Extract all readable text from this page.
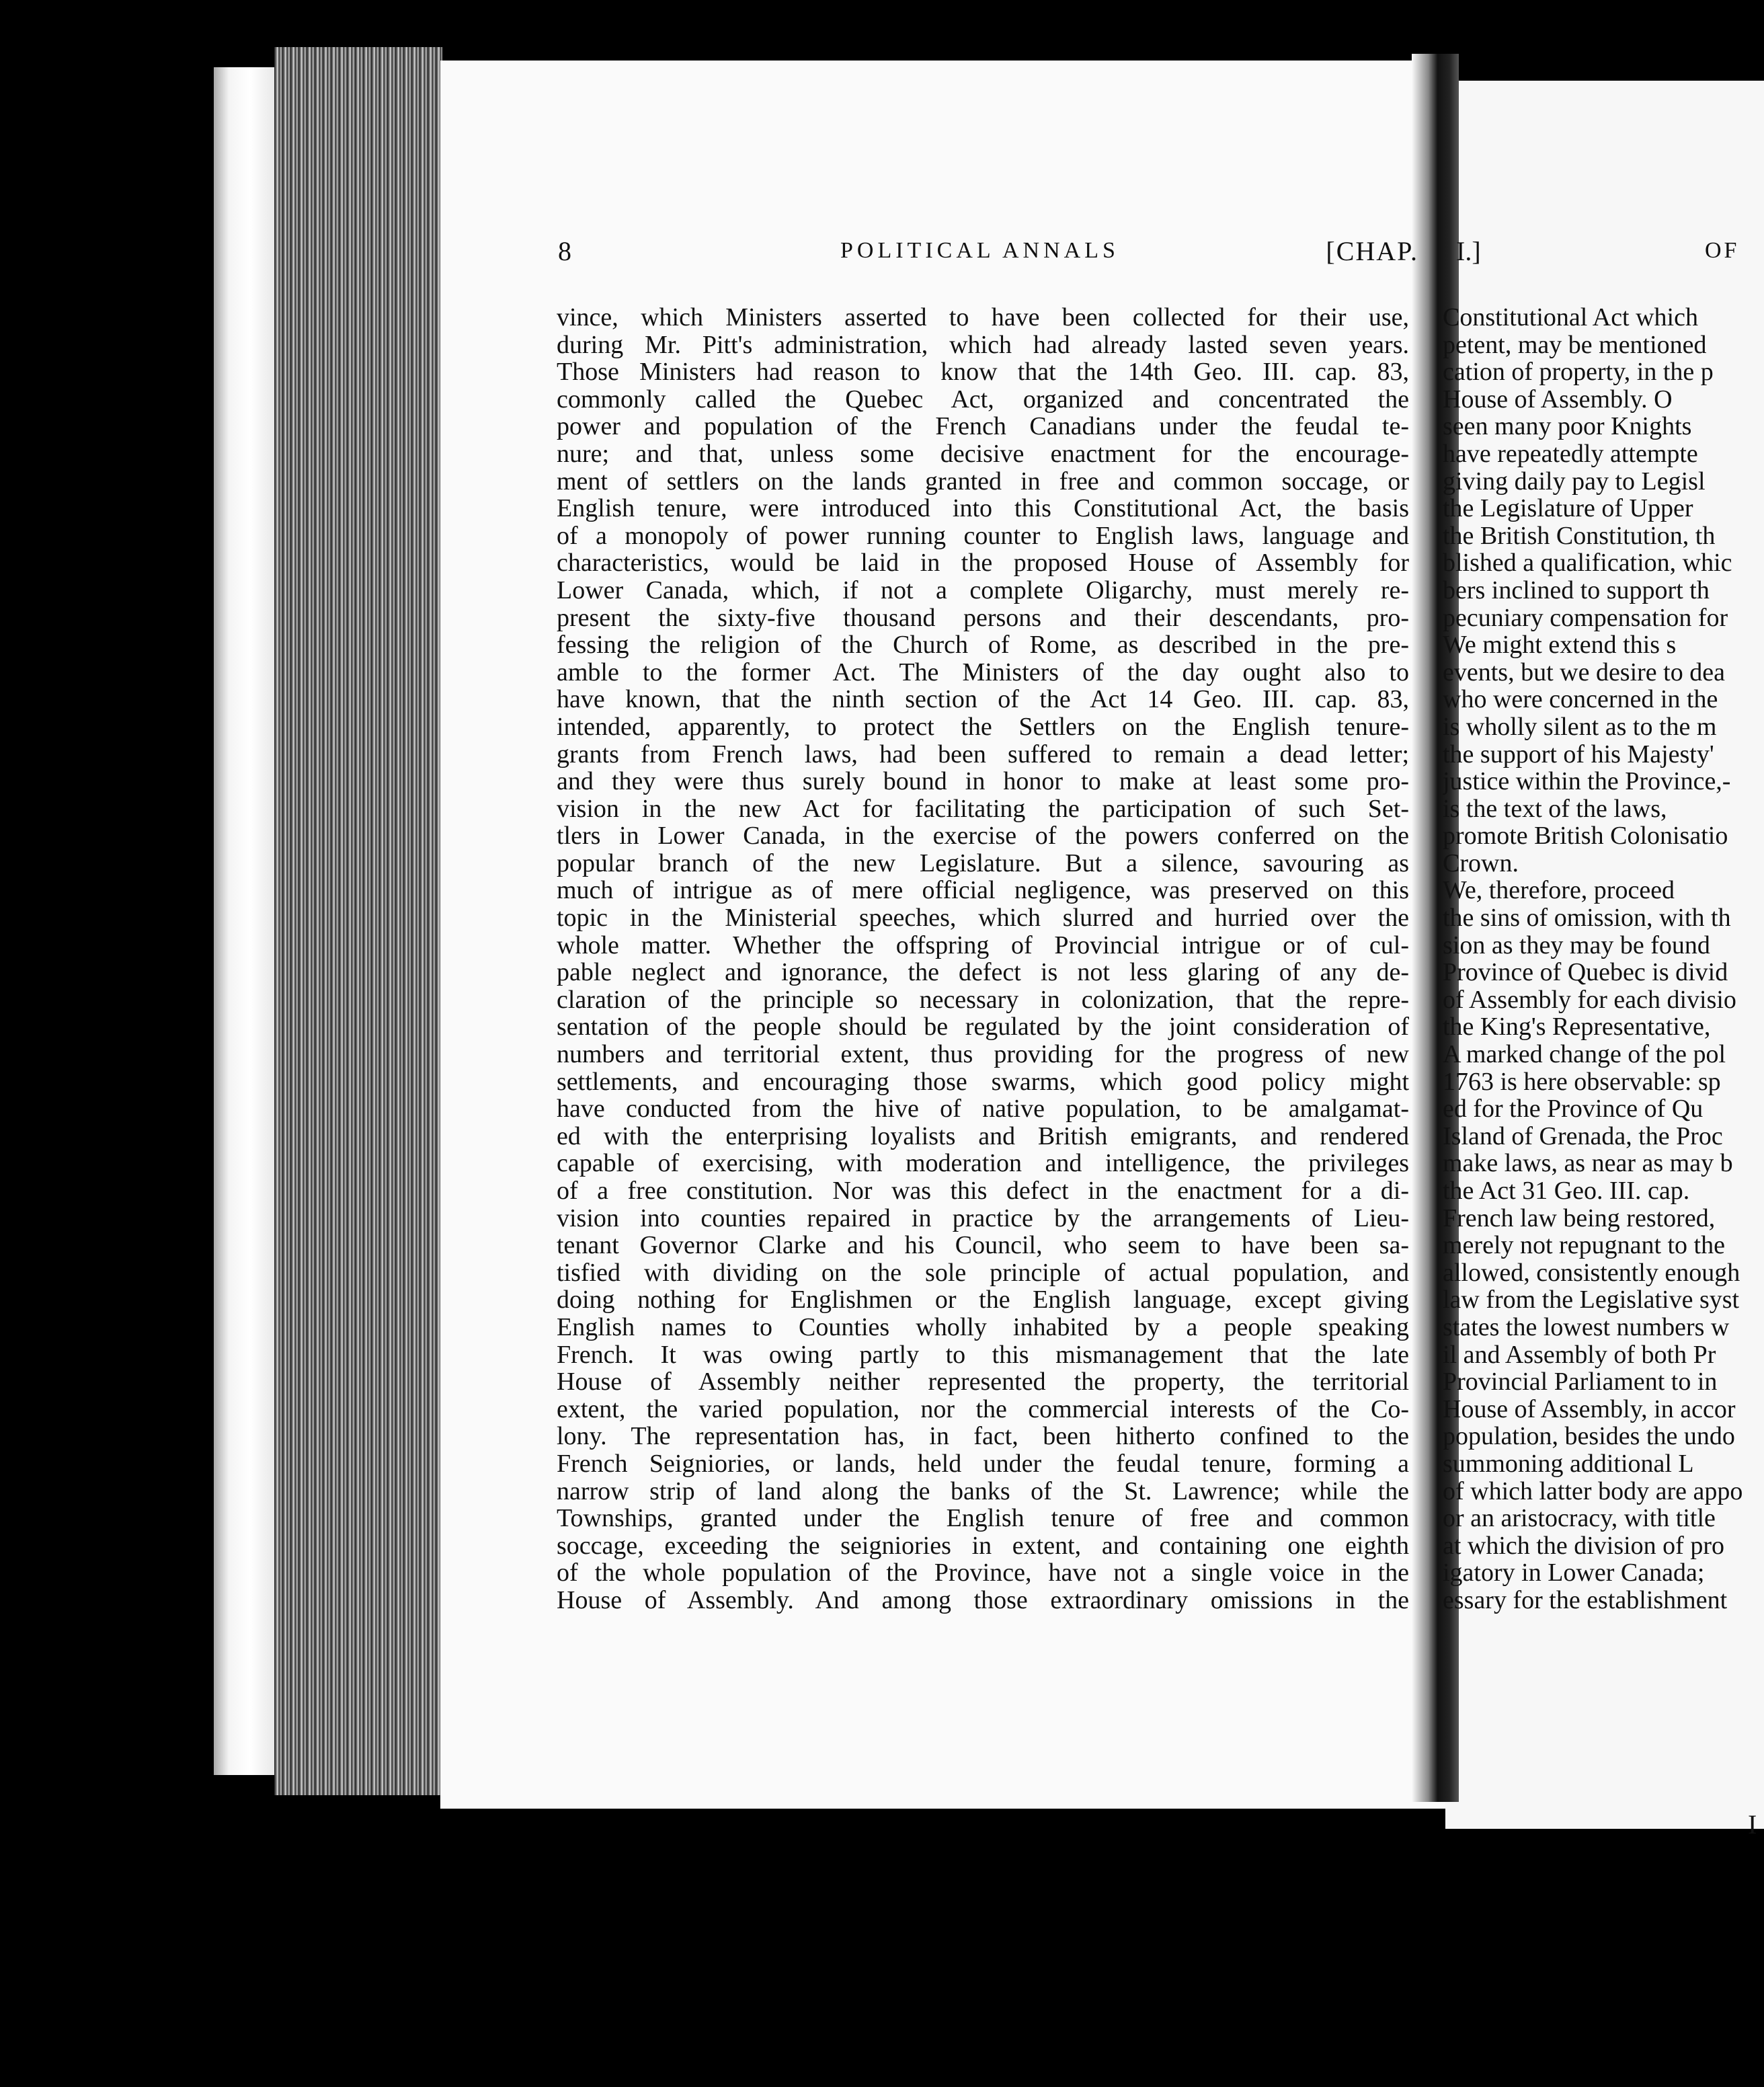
8	POLITICAL ANNALS	[CHAP.
vince, which Ministers asserted to have been collected for their use,
during Mr. Pitt's administration, which had already lasted seven years.
Those Ministers had reason to know that the 14th Geo. III. cap. 83,
commonly called the Quebec Act, organized and concentrated the
power and population of the French Canadians under the feudal te-
nure; and that, unless some decisive enactment for the encourage-
ment of settlers on the lands granted in free and common soccage, or
English tenure, were introduced into this Constitutional Act, the basis
of a monopoly of power running counter to English laws, language and
characteristics, would be laid in the proposed House of Assembly for
Lower Canada, which, if not a complete Oligarchy, must merely re-
present the sixty-five thousand persons and their descendants, pro-
fessing the religion of the Church of Rome, as described in the pre-
amble to the former Act. The Ministers of the day ought also to
have known, that the ninth section of the Act 14 Geo. III. cap. 83,
intended, apparently, to protect the Settlers on the English tenure-
grants from French laws, had been suffered to remain a dead letter;
and they were thus surely bound in honor to make at least some pro-
vision in the new Act for facilitating the participation of such Set-
tlers in Lower Canada, in the exercise of the powers conferred on the
popular branch of the new Legislature. But a silence, savouring as
much of intrigue as of mere official negligence, was preserved on this
topic in the Ministerial speeches, which slurred and hurried over the
whole matter. Whether the offspring of Provincial intrigue or of cul-
pable neglect and ignorance, the defect is not less glaring of any de-
claration of the principle so necessary in colonization, that the repre-
sentation of the people should be regulated by the joint consideration of
numbers and territorial extent, thus providing for the progress of new
settlements, and encouraging those swarms, which good policy might
have conducted from the hive of native population, to be amalgamat-
ed with the enterprising loyalists and British emigrants, and rendered
capable of exercising, with moderation and intelligence, the privileges
of a free constitution. Nor was this defect in the enactment for a di-
vision into counties repaired in practice by the arrangements of Lieu-
tenant Governor Clarke and his Council, who seem to have been sa-
tisfied with dividing on the sole principle of actual population, and
doing nothing for Englishmen or the English language, except giving
English names to Counties wholly inhabited by a people speaking
French. It was owing partly to this mismanagement that the late
House of Assembly neither represented the property, the territorial
extent, the varied population, nor the commercial interests of the Co-
lony. The representation has, in fact, been hitherto confined to the
French Seigniories, or lands, held under the feudal tenure, forming a
narrow strip of land along the banks of the St. Lawrence; while the
Townships, granted under the English tenure of free and common
soccage, exceeding the seigniories in extent, and containing one eighth
of the whole population of the Province, have not a single voice in the
House of Assembly. And among those extraordinary omissions in the
I.]	OF
Constitutional Act which
petent, may be mentioned
cation of property, in the p
House of Assembly. O
seen many poor Knights
have repeatedly attempte
giving daily pay to Legisl
the Legislature of Upper
the British Constitution, th
blished a qualification, whic
bers inclined to support th
pecuniary compensation for
We might extend this s
events, but we desire to dea
who were concerned in the
is wholly silent as to the m
the support of his Majesty'
justice within the Province,-
is the text of the laws,
promote British Colonisatio
Crown.
We, therefore, proceed
the sins of omission, with th
sion as they may be found
Province of Quebec is divid
of Assembly for each divisio
the King's Representative,
A marked change of the pol
1763 is here observable: sp
ed for the Province of Qu
Island of Grenada, the Proc
make laws, as near as may b
the Act 31 Geo. III. cap.
French law being restored,
merely not repugnant to the
allowed, consistently enough
law from the Legislative syst
states the lowest numbers w
il and Assembly of both Pr
Provincial Parliament to in
House of Assembly, in accor
population, besides the undo
summoning additional L
of which latter body are appo
or an aristocracy, with title
at which the division of pro
igatory in Lower Canada;
essary for the establishment
I
